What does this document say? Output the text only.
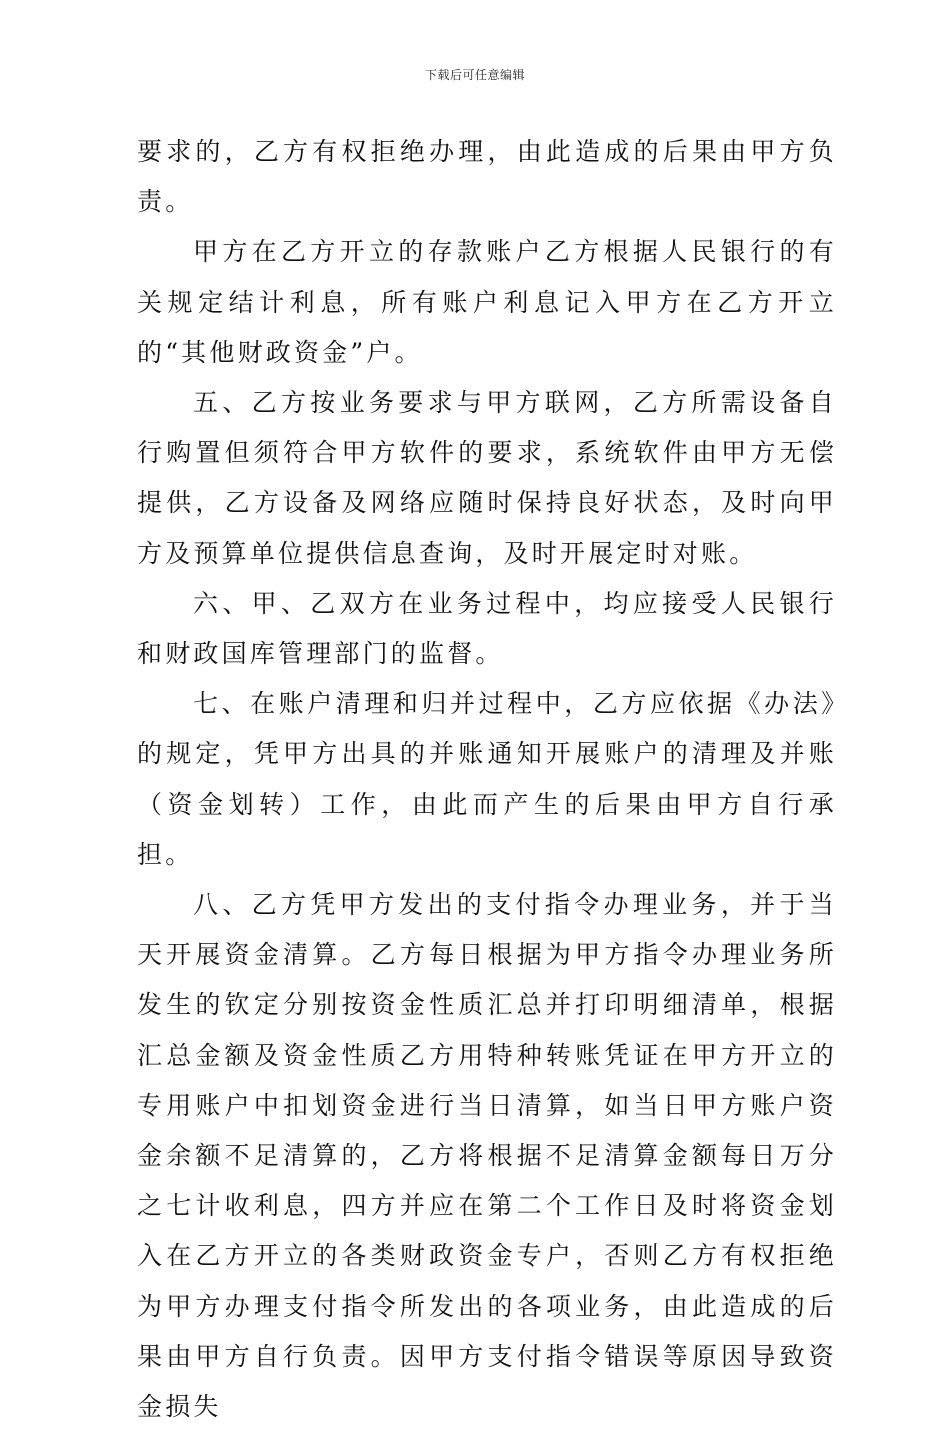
下载后可任意编辑

要求的，乙方有权拒绝办理，由此造成的后果由甲方负责。

甲方在乙方开立的存款账户乙方根据人民银行的有关规定结计利息，所有账户利息记入甲方在乙方开立的“其他财政资金”户。

五、乙方按业务要求与甲方联网，乙方所需设备自行购置但须符合甲方软件的要求，系统软件由甲方无偿提供，乙方设备及网络应随时保持良好状态，及时向甲方及预算单位提供信息查询，及时开展定时对账。

六、甲、乙双方在业务过程中，均应接受人民银行和财政国库管理部门的监督。

七、在账户清理和归并过程中，乙方应依据《办法》的规定，凭甲方出具的并账通知开展账户的清理及并账（资金划转）工作，由此而产生的后果由甲方自行承担。

八、乙方凭甲方发出的支付指令办理业务，并于当天开展资金清算。乙方每日根据为甲方指令办理业务所发生的钦定分别按资金性质汇总并打印明细清单，根据汇总金额及资金性质乙方用特种转账凭证在甲方开立的专用账户中扣划资金进行当日清算，如当日甲方账户资金余额不足清算的，乙方将根据不足清算金额每日万分之七计收利息，四方并应在第二个工作日及时将资金划入在乙方开立的各类财政资金专户，否则乙方有权拒绝为甲方办理支付指令所发出的各项业务，由此造成的后果由甲方自行负责。因甲方支付指令错误等原因导致资金损失
